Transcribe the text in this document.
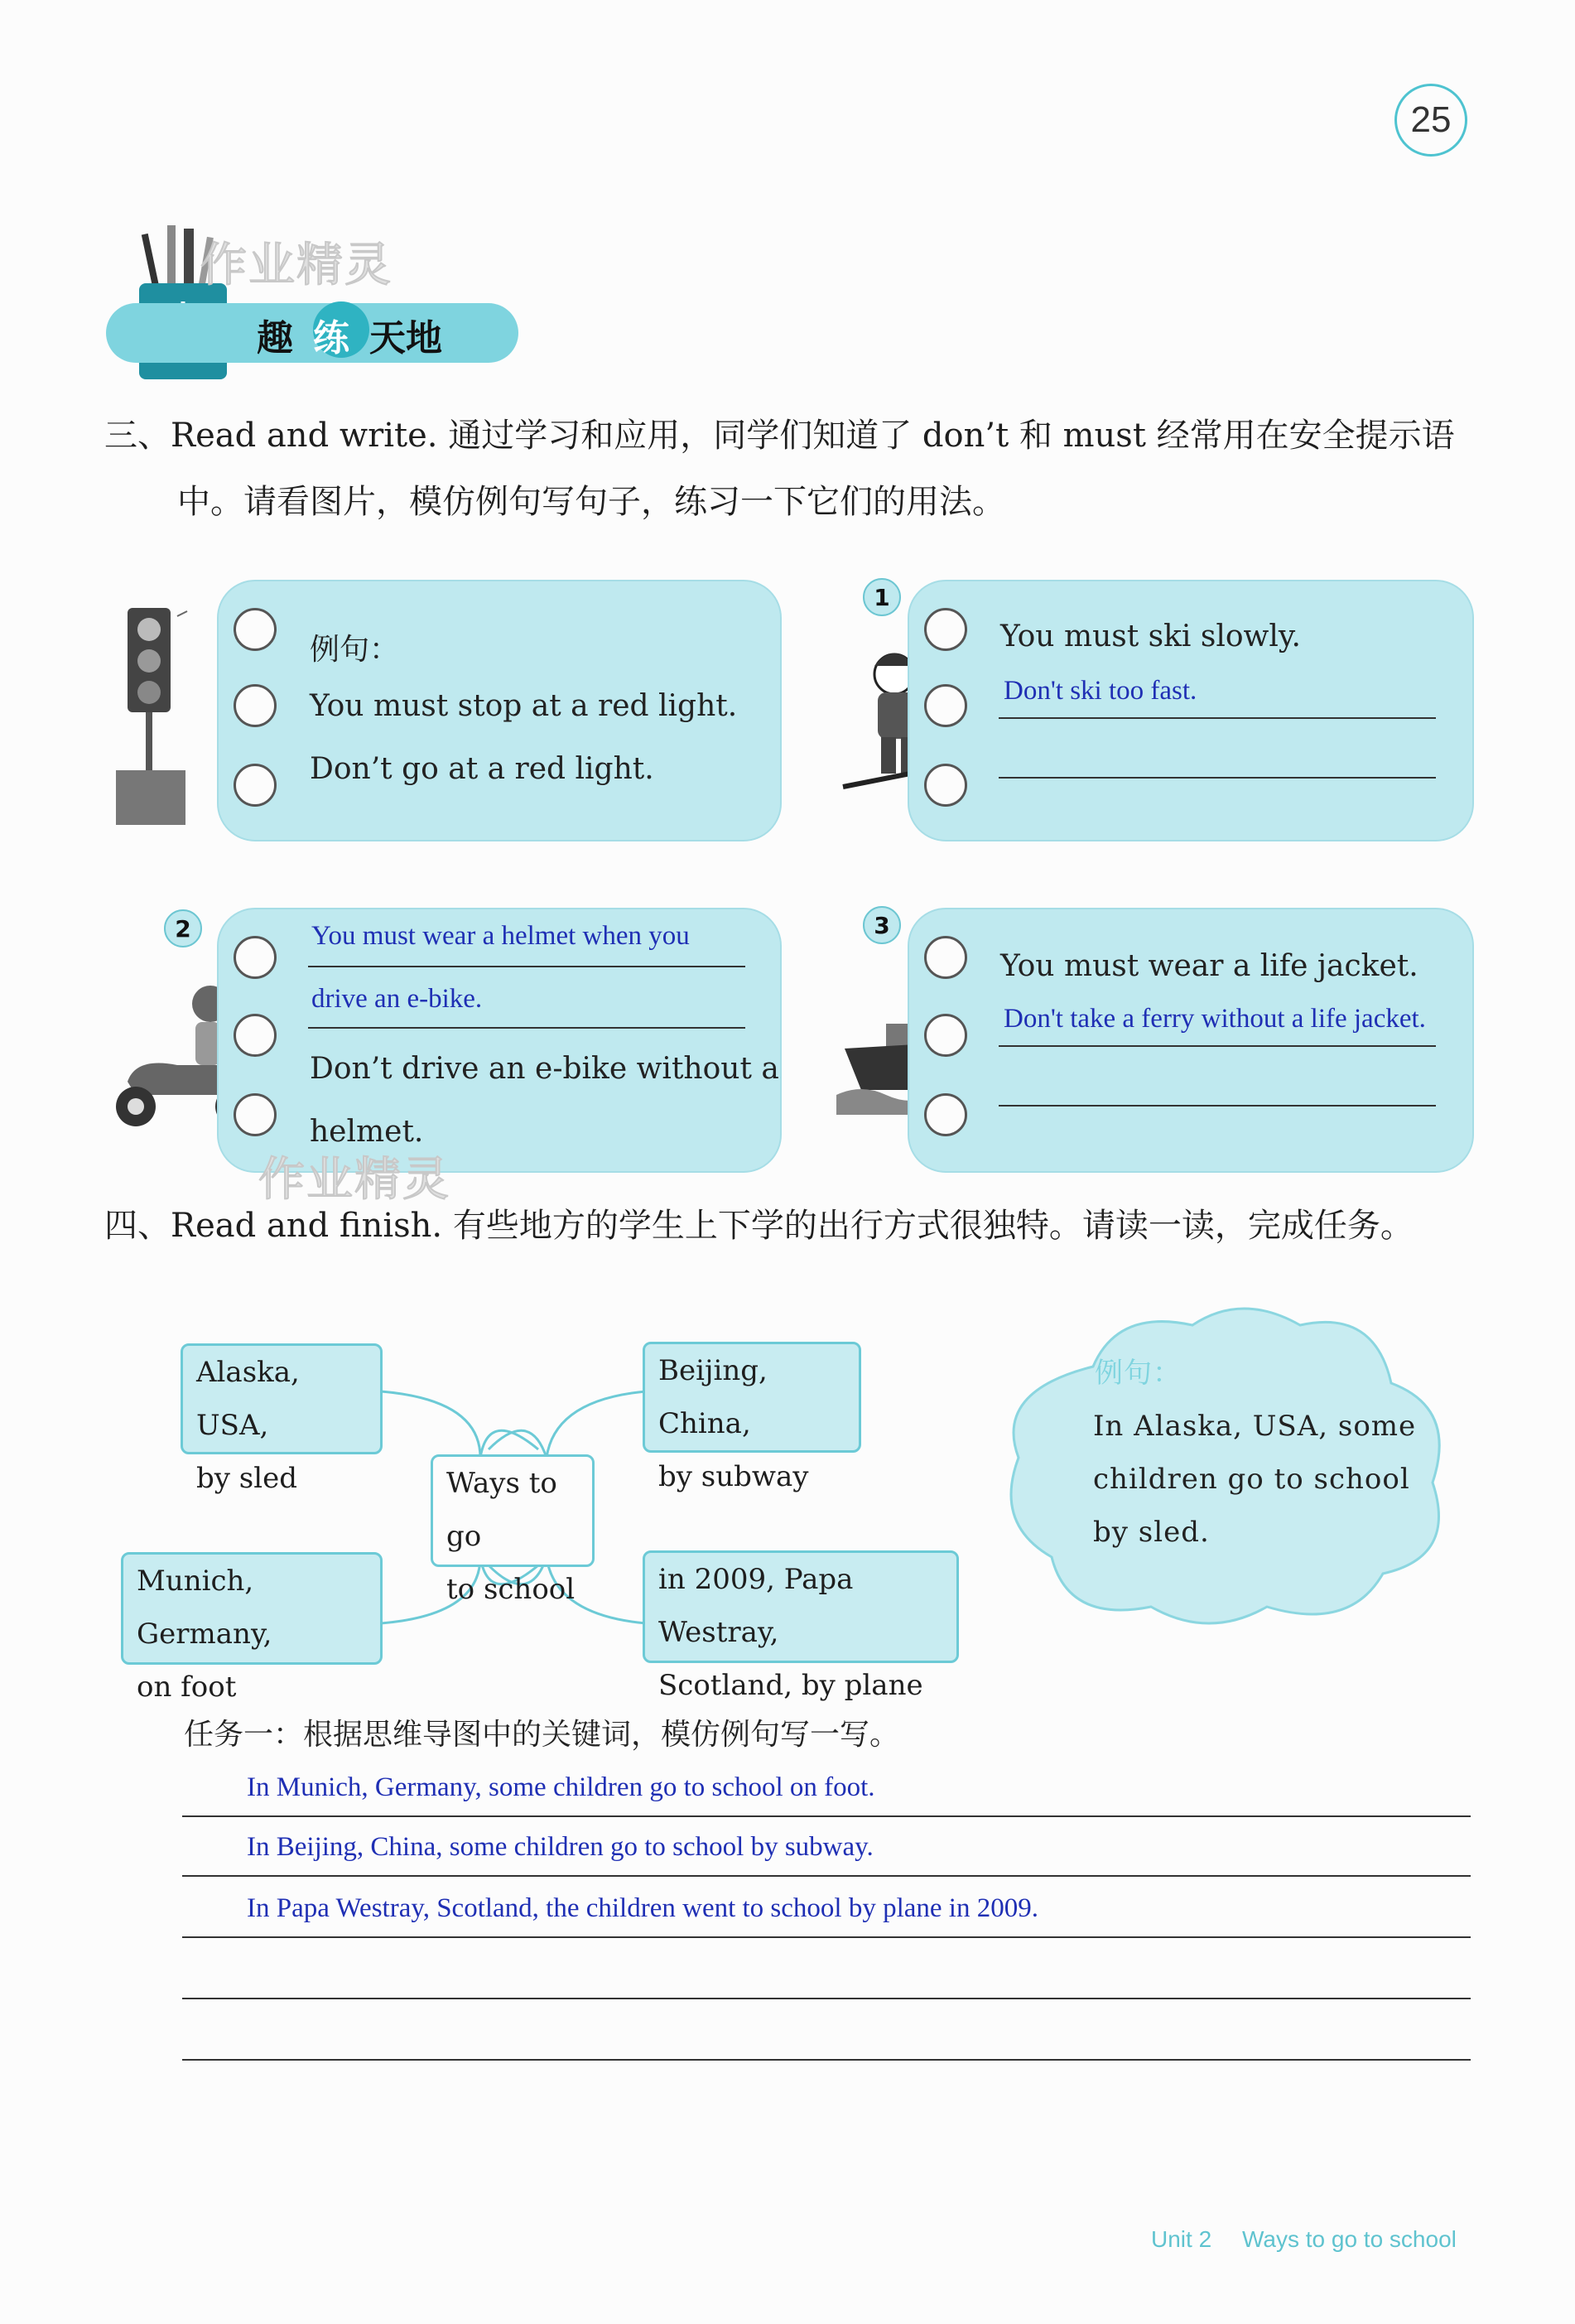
25
作业精灵
趣 练 天地
三、Read and write. 通过学习和应用，同学们知道了 don’t 和 must 经常用在安全提示语
中。请看图片，模仿例句写句子，练习一下它们的用法。
例句：
You must stop at a red light.
Don’t go at a red light.
1
You must ski slowly.
Don't ski too fast.
2	You must wear a helmet when you
drive an e-bike.
Don’t drive an e-bike without a
helmet.
作业精灵
3
You must wear a life jacket.
Don't take a ferry without a life jacket.
四、Read and finish. 有些地方的学生上下学的出行方式很独特。请读一读，完成任务。
Alaska, USA,
by sled
Beijing, China,
by subway
Ways to go
to school
Munich, Germany,
on foot
in 2009, Papa Westray,
Scotland, by plane
例句：
In Alaska, USA, some
children go to school
by sled.
任务一：根据思维导图中的关键词，模仿例句写一写。
In Munich, Germany, some children go to school on foot.
In Beijing, China, some children go to school by subway.
In Papa Westray, Scotland, the children went to school by plane in 2009.
Unit 2 Ways to go to school
